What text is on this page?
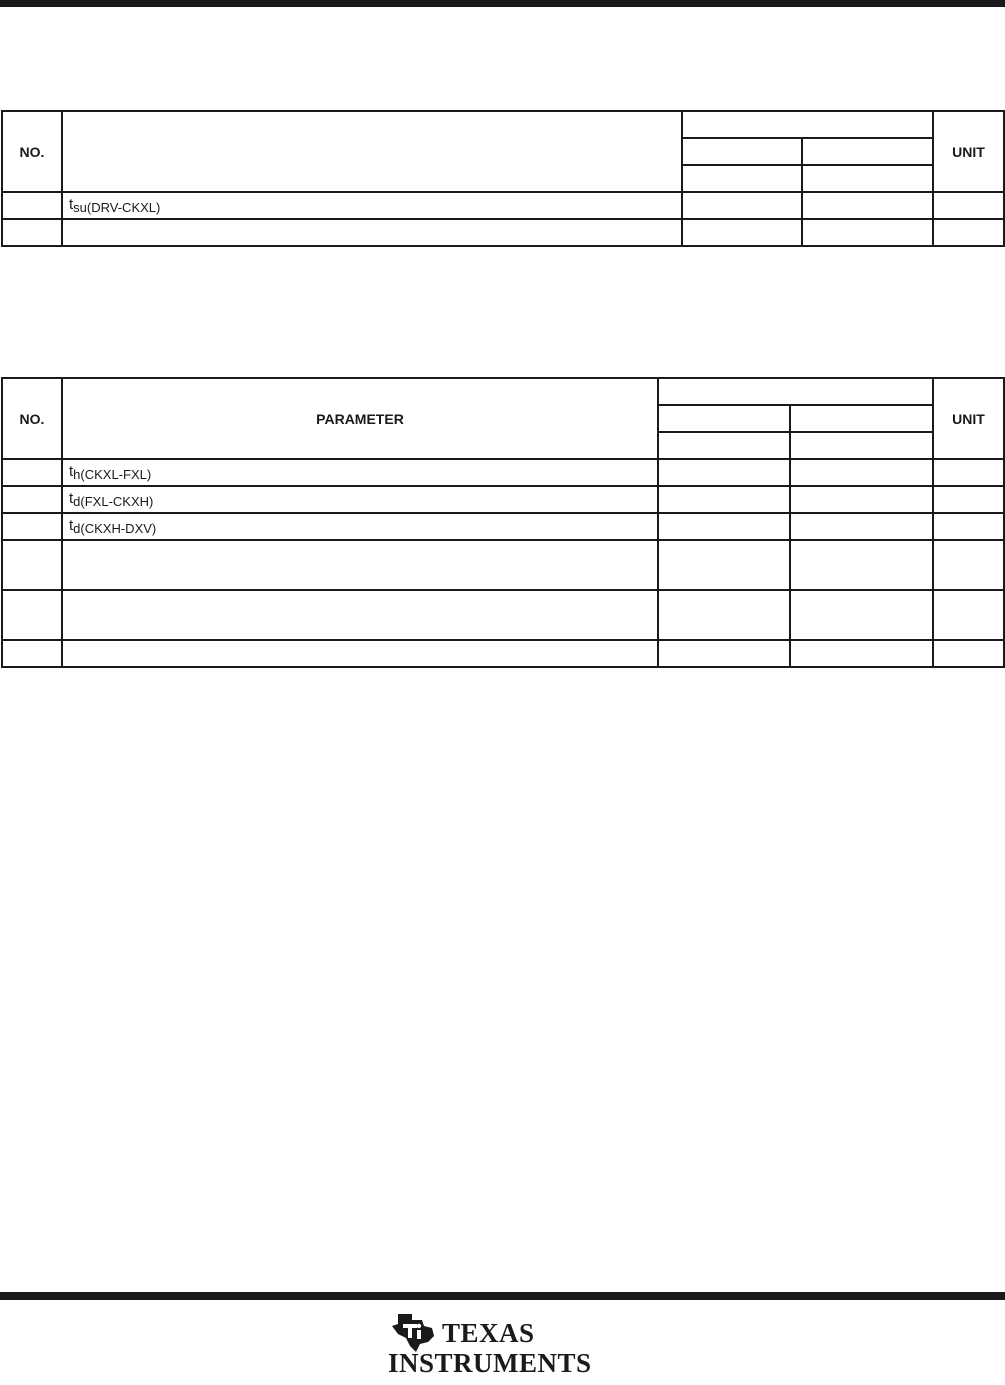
NO.				UNIT

	$t_{su(DRV-CKXL)}$			

NO.	PARAMETER			UNIT

	$t_{h(CKXL-FXL)}$			
	$t_{d(FXL-CKXH)}$			
	$t_{d(CKXH-DXV)}$			

TEXAS
INSTRUMENTS
